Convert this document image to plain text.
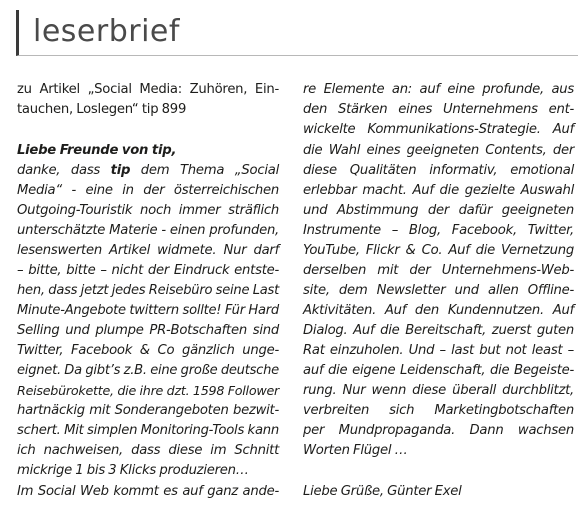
leserbrief
zu Artikel „Social Media: Zuhören, Ein-
tauchen, Loslegen“ tip 899
Liebe Freunde von tip,
danke, dass tip dem Thema „Social
Media“ - eine in der österreichischen
Outgoing-Touristik noch immer sträflich
unterschätzte Materie - einen profunden,
lesenswerten Artikel widmete. Nur darf
– bitte, bitte – nicht der Eindruck entste-
hen, dass jetzt jedes Reisebüro seine Last
Minute-Angebote twittern sollte! Für Hard
Selling und plumpe PR-Botschaften sind
Twitter, Facebook & Co gänzlich unge-
eignet. Da gibt’s z.B. eine große deutsche
Reisebürokette, die ihre dzt. 1598 Follower
hartnäckig mit Sonderangeboten bezwit-
schert. Mit simplen Monitoring-Tools kann
ich nachweisen, dass diese im Schnitt
mickrige 1 bis 3 Klicks produzieren…
Im Social Web kommt es auf ganz ande-
re Elemente an: auf eine profunde, aus
den Stärken eines Unternehmens ent-
wickelte Kommunikations-Strategie. Auf
die Wahl eines geeigneten Contents, der
diese Qualitäten informativ, emotional
erlebbar macht. Auf die gezielte Auswahl
und Abstimmung der dafür geeigneten
Instrumente – Blog, Facebook, Twitter,
YouTube, Flickr & Co. Auf die Vernetzung
derselben mit der Unternehmens-Web-
site, dem Newsletter und allen Offline-
Aktivitäten. Auf den Kundennutzen. Auf
Dialog. Auf die Bereitschaft, zuerst guten
Rat einzuholen. Und – last but not least –
auf die eigene Leidenschaft, die Begeiste-
rung. Nur wenn diese überall durchblitzt,
verbreiten sich Marketingbotschaften
per Mundpropaganda. Dann wachsen
Worten Flügel …
Liebe Grüße, Günter Exel
